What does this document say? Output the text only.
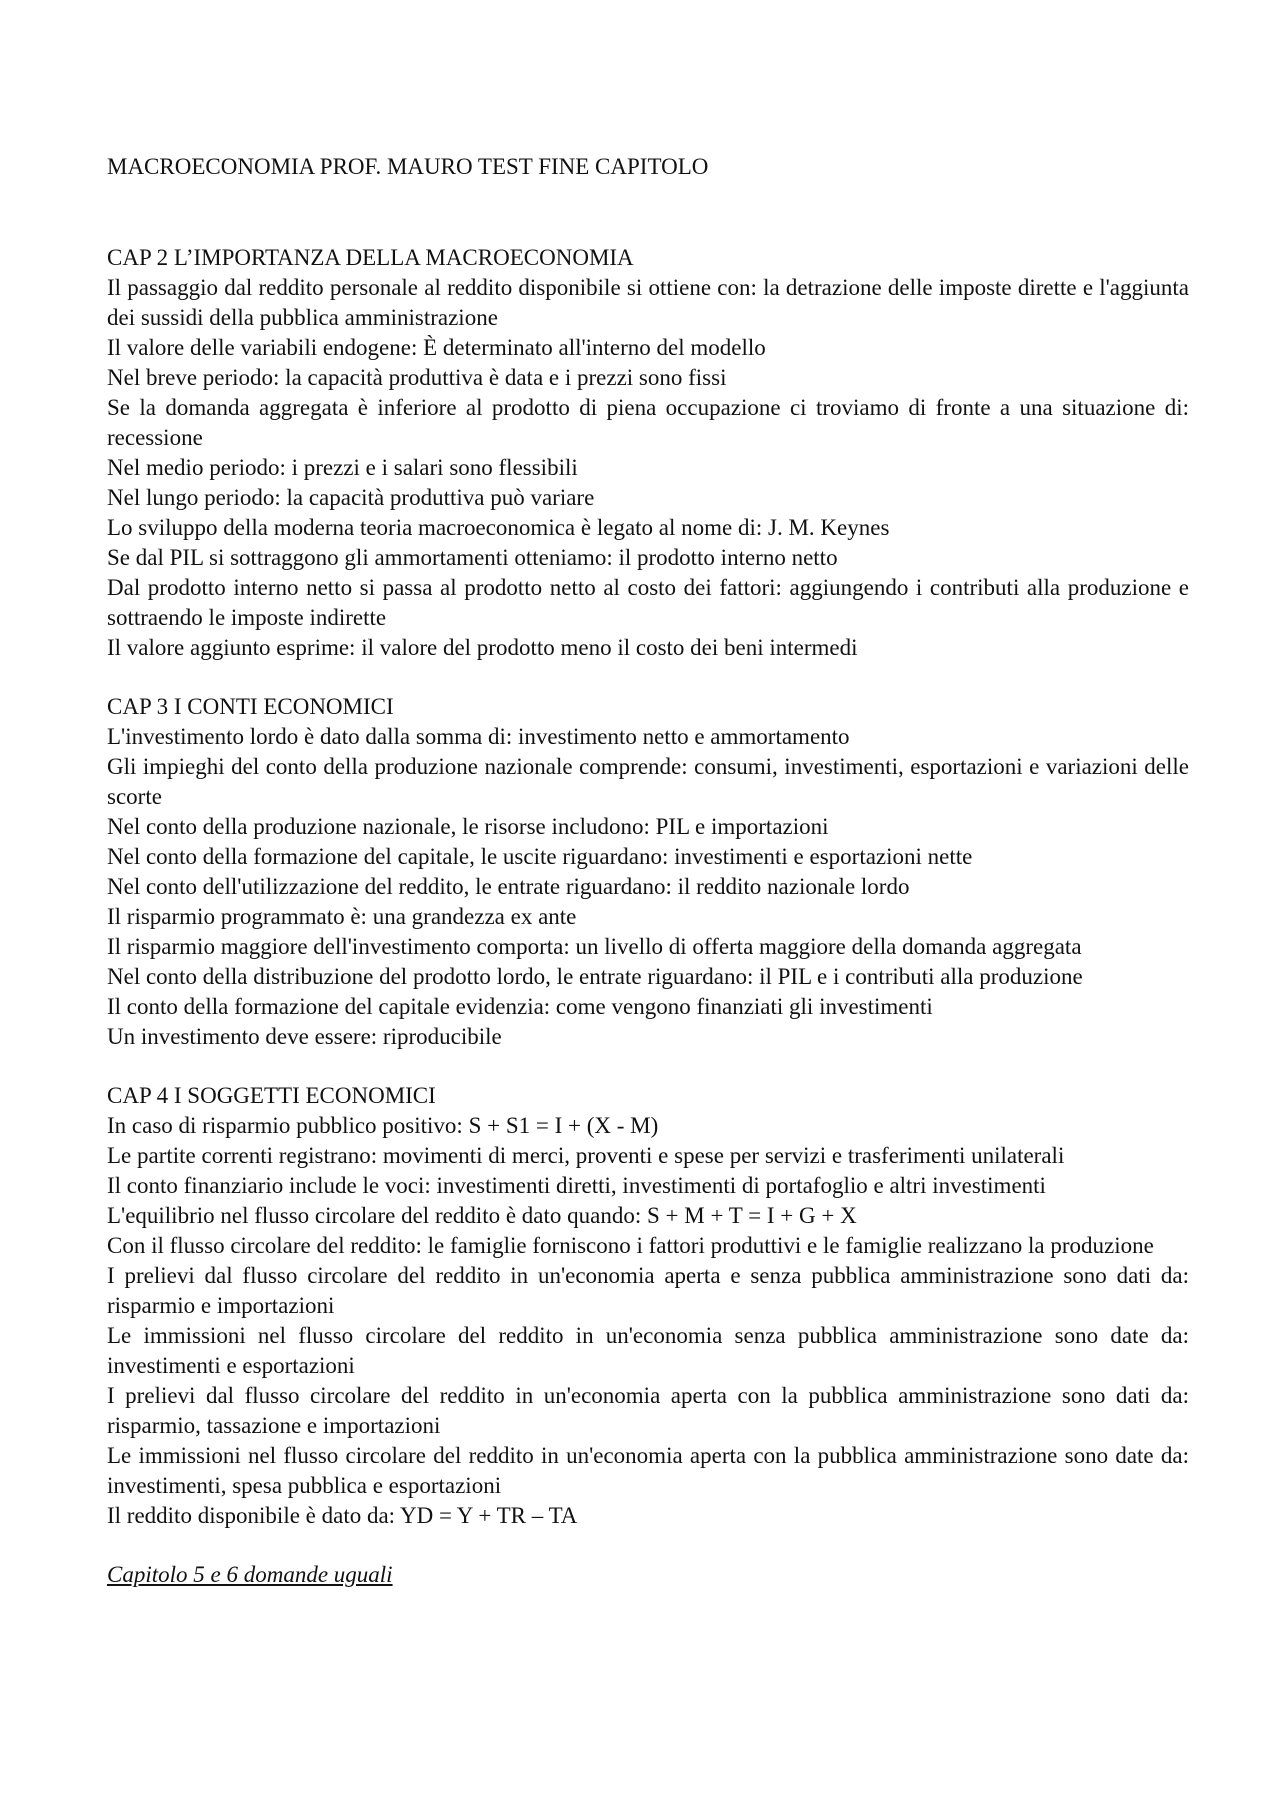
MACROECONOMIA PROF. MAURO TEST FINE CAPITOLO
CAP 2 L’IMPORTANZA DELLA MACROECONOMIA

Il passaggio dal reddito personale al reddito disponibile si ottiene con: la detrazione delle imposte dirette e l'aggiunta dei sussidi della pubblica amministrazione

Il valore delle variabili endogene: È determinato all'interno del modello

Nel breve periodo: la capacità produttiva è data e i prezzi sono fissi

Se la domanda aggregata è inferiore al prodotto di piena occupazione ci troviamo di fronte a una situazione di: recessione

Nel medio periodo: i prezzi e i salari sono flessibili

Nel lungo periodo: la capacità produttiva può variare

Lo sviluppo della moderna teoria macroeconomica è legato al nome di: J. M. Keynes

Se dal PIL si sottraggono gli ammortamenti otteniamo: il prodotto interno netto

Dal prodotto interno netto si passa al prodotto netto al costo dei fattori: aggiungendo i contributi alla produzione e sottraendo le imposte indirette

Il valore aggiunto esprime: il valore del prodotto meno il costo dei beni intermedi

CAP 3 I CONTI ECONOMICI

L'investimento lordo è dato dalla somma di: investimento netto e ammortamento

Gli impieghi del conto della produzione nazionale comprende: consumi, investimenti, esportazioni e variazioni delle scorte

Nel conto della produzione nazionale, le risorse includono: PIL e importazioni

Nel conto della formazione del capitale, le uscite riguardano: investimenti e esportazioni nette

Nel conto dell'utilizzazione del reddito, le entrate riguardano: il reddito nazionale lordo

Il risparmio programmato è: una grandezza ex ante

Il risparmio maggiore dell'investimento comporta: un livello di offerta maggiore della domanda aggregata

Nel conto della distribuzione del prodotto lordo, le entrate riguardano: il PIL e i contributi alla produzione

Il conto della formazione del capitale evidenzia: come vengono finanziati gli investimenti

Un investimento deve essere: riproducibile

CAP 4 I SOGGETTI ECONOMICI

In caso di risparmio pubblico positivo: S + S1 = I + (X - M)

Le partite correnti registrano: movimenti di merci, proventi e spese per servizi e trasferimenti unilaterali

Il conto finanziario include le voci: investimenti diretti, investimenti di portafoglio e altri investimenti

L'equilibrio nel flusso circolare del reddito è dato quando: S + M + T = I + G + X

Con il flusso circolare del reddito: le famiglie forniscono i fattori produttivi e le famiglie realizzano la produzione

I prelievi dal flusso circolare del reddito in un'economia aperta e senza pubblica amministrazione sono dati da: risparmio e importazioni

Le immissioni nel flusso circolare del reddito in un'economia senza pubblica amministrazione sono date da: investimenti e esportazioni

I prelievi dal flusso circolare del reddito in un'economia aperta con la pubblica amministrazione sono dati da: risparmio, tassazione e importazioni

Le immissioni nel flusso circolare del reddito in un'economia aperta con la pubblica amministrazione sono date da: investimenti, spesa pubblica e esportazioni

Il reddito disponibile è dato da: YD = Y + TR – TA

Capitolo 5 e 6 domande uguali
